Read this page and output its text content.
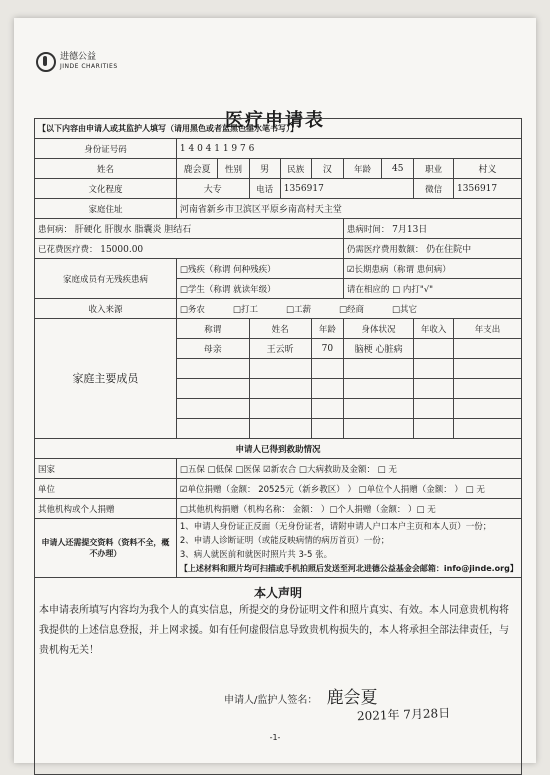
进德公益
JINDE CHARITIES
医疗申请表
【以下内容由申请人或其监护人填写（请用黑色或者蓝黑色墨水笔书写）】									
身份证号码	1 4 0 4 1 1 9 7 6								
姓名	鹿会夏	性别	男	民族	汉	年龄	45	职业	村义
文化程度	大专		电话	1356917				微信	1356917
家庭住址	河南省新乡市卫滨区平原乡南高村天主堂								
患何病： 肝硬化 肝腹水 脂囊炎 胆结石						患病时间： 7月13日			
已花费医疗费： 15000.00						仍需医疗费用数额： 仍在住院中			
家庭成员有无残疾患病	□残疾（称谓 何种残疾）					☑长期患病（称谓 患何病）			
	□学生（称谓 就读年级）					请在相应的 □ 内打"√"			
收入来源	□务农 □打工 □工薪 □经商 □其它								
家庭主要成员	称谓		姓名		年龄	身体状况		年收入	年支出
	母亲		王云昕		70	脑梗 心脏病			

申请人已得到救助情况									
国家	□五保 □低保 □医保 ☑新农合 □大病救助及金额： □ 无								
单位	☑单位捐赠（金额： 20525元（新乡教区） ） □单位个人捐赠（金额： ） □ 无								
其他机构或个人捐赠	□其他机构捐赠（机构名称： 金额： ）□个人捐赠（金额： ）□ 无								
申请人还需提交资料（资料不全，概不办理）	1、申请人身份证正反面（无身份证者，请附申请人户口本户主页和本人页）一份；
2、申请人诊断证明（或能反映病情的病历首页）一份；
3、病人就医前和就医时照片共 3-5 张。
【上述材料和照片均可扫描或手机拍照后发送至河北进德公益基金会邮箱：info@jinde.org】								

本人声明
本申请表所填写内容均为我个人的真实信息，所提交的身份证明文件和照片真实、有效。本人同意贵机构将我提供的上述信息登报，并上网求援。如有任何虚假信息导致贵机构损失的，本人将承担全部法律责任，与贵机构无关！
申请人/监护人签名： 鹿会夏
2021年 7月28日									
-1-
